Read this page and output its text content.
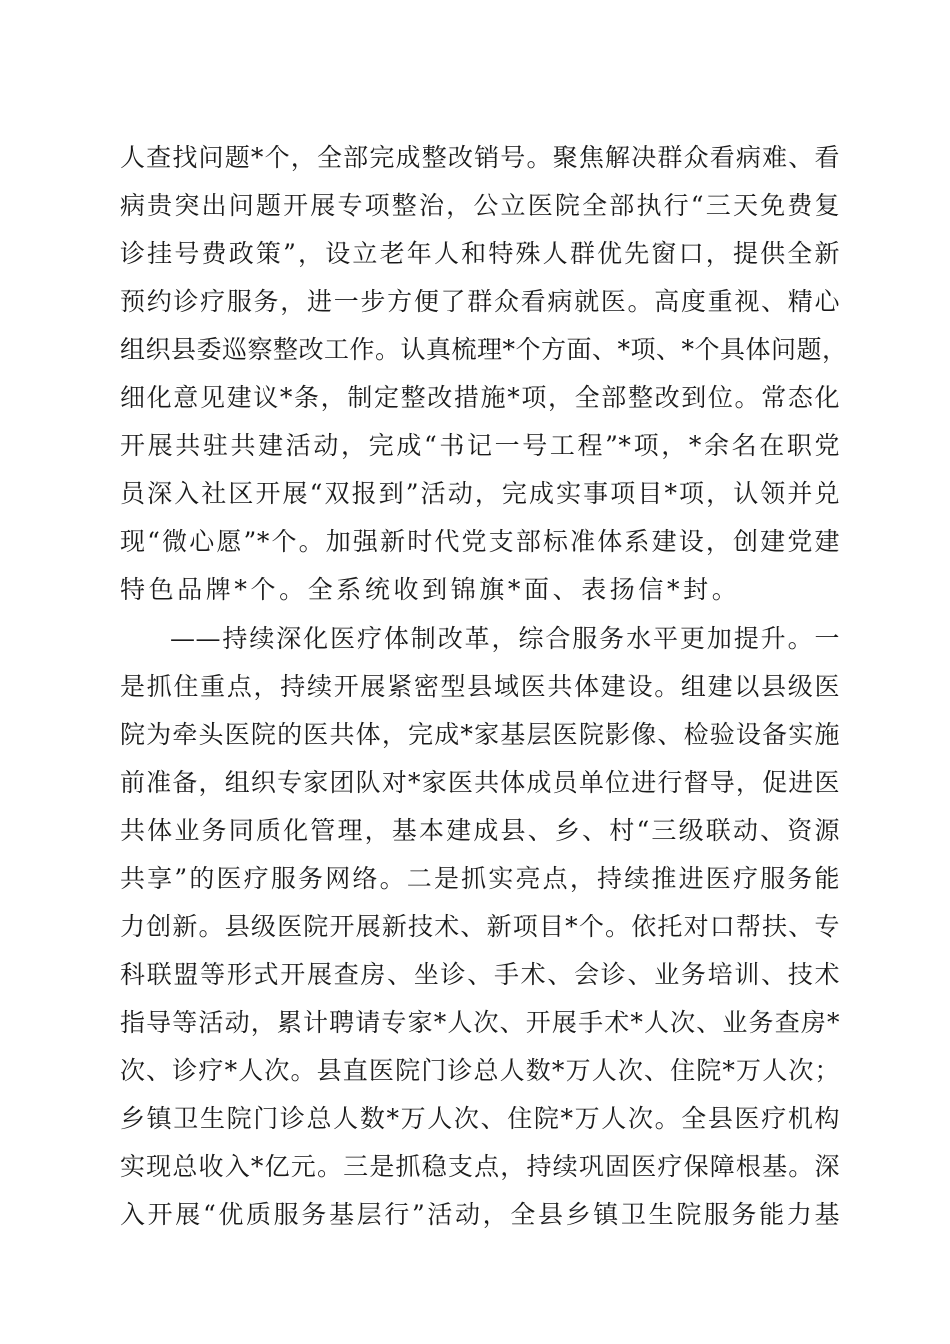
人查找问题*个，全部完成整改销号。聚焦解决群众看病难、看
病贵突出问题开展专项整治，公立医院全部执行“三天免费复
诊挂号费政策”，设立老年人和特殊人群优先窗口，提供全新
预约诊疗服务，进一步方便了群众看病就医。高度重视、精心
组织县委巡察整改工作。认真梳理*个方面、*项、*个具体问题，
细化意见建议*条，制定整改措施*项，全部整改到位。常态化
开展共驻共建活动，完成“书记一号工程”*项，*余名在职党
员深入社区开展“双报到”活动，完成实事项目*项，认领并兑
现“微心愿”*个。加强新时代党支部标准体系建设，创建党建
特色品牌*个。全系统收到锦旗*面、表扬信*封。
——持续深化医疗体制改革，综合服务水平更加提升。一
是抓住重点，持续开展紧密型县域医共体建设。组建以县级医
院为牵头医院的医共体，完成*家基层医院影像、检验设备实施
前准备，组织专家团队对*家医共体成员单位进行督导，促进医
共体业务同质化管理，基本建成县、乡、村“三级联动、资源
共享”的医疗服务网络。二是抓实亮点，持续推进医疗服务能
力创新。县级医院开展新技术、新项目*个。依托对口帮扶、专
科联盟等形式开展查房、坐诊、手术、会诊、业务培训、技术
指导等活动，累计聘请专家*人次、开展手术*人次、业务查房*
次、诊疗*人次。县直医院门诊总人数*万人次、住院*万人次；
乡镇卫生院门诊总人数*万人次、住院*万人次。全县医疗机构
实现总收入*亿元。三是抓稳支点，持续巩固医疗保障根基。深
入开展“优质服务基层行”活动，全县乡镇卫生院服务能力基
